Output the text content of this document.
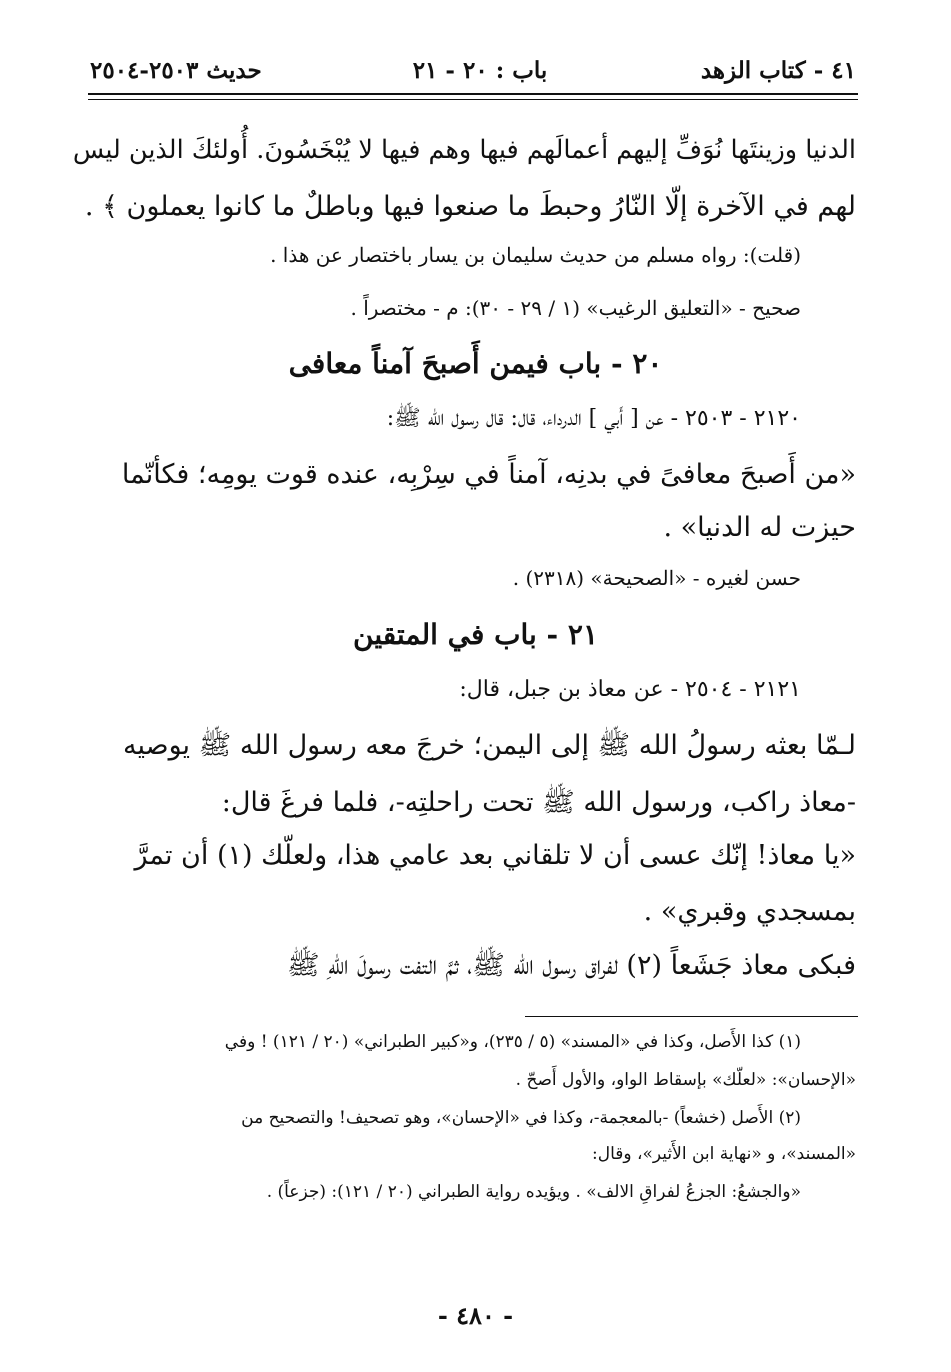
٤١ - كتاب الزهد
باب : ٢٠ - ٢١
حديث ٢٥٠٣-٢٥٠٤
الدنيا وزينتَها نُوَفِّ إليهم أعمالَهم فيها وهم فيها لا يُبْخَسُونَ. أُولئكَ الذين ليس
لهم في الآخرة إلّا النّارُ وحبطَ ما صنعوا فيها وباطلٌ ما كانوا يعملون ﴾ .
(قلت): رواه مسلم من حديث سليمان بن يسار باختصار عن هذا .
صحيح - «التعليق الرغيب» (١ / ٢٩ - ٣٠): م - مختصراً .
٢٠ - باب فيمن أَصبحَ آمناً معافى
٢١٢٠ - ٢٥٠٣ - عن [ أَبي ] الدرداء، قال: قال رسول الله ﷺ:
«من أَصبحَ معافىً في بدنِه، آمناً في سِرْبِه، عنده قوت يومِه؛ فكأنّما
حيزت له الدنيا» .
حسن لغيره - «الصحيحة» (٢٣١٨) .
٢١ - باب في المتقين
٢١٢١ - ٢٥٠٤ - عن معاذ بن جبل، قال:
لـمّا بعثه رسولُ الله ﷺ إلى اليمن؛ خرجَ معه رسول الله ﷺ يوصيه
-معاذ راكب، ورسول الله ﷺ تحت راحلتِه-، فلما فرغَ قال:
«يا معاذ! إنّك عسى أن لا تلقاني بعد عامي هذا، ولعلّك (١) أن تمرَّ
بمسجدي وقبري» .
فبكى معاذ جَشَعاً (٢) لفراق رسول الله ﷺ، ثمَّ التفت رسولَ اللهِ ﷺ
(١) كذا الأَصل، وكذا في «المسند» (٥ / ٢٣٥)، و«كبير الطبراني» (٢٠ / ١٢١) ! وفي
«الإحسان»: «لعلّك» بإسقاط الواو، والأول أَصحّ .
(٢) الأَصل (خشعاً) -بالمعجمة-، وكذا في «الإحسان»، وهو تصحيف! والتصحيح من
«المسند»، و «نهاية ابن الأَثير»، وقال:
«والجشعُ: الجزعُ لفراقِ الالف» . ويؤيده رواية الطبراني (٢٠ / ١٢١): (جزعاً) .
- ٤٨٠ -
